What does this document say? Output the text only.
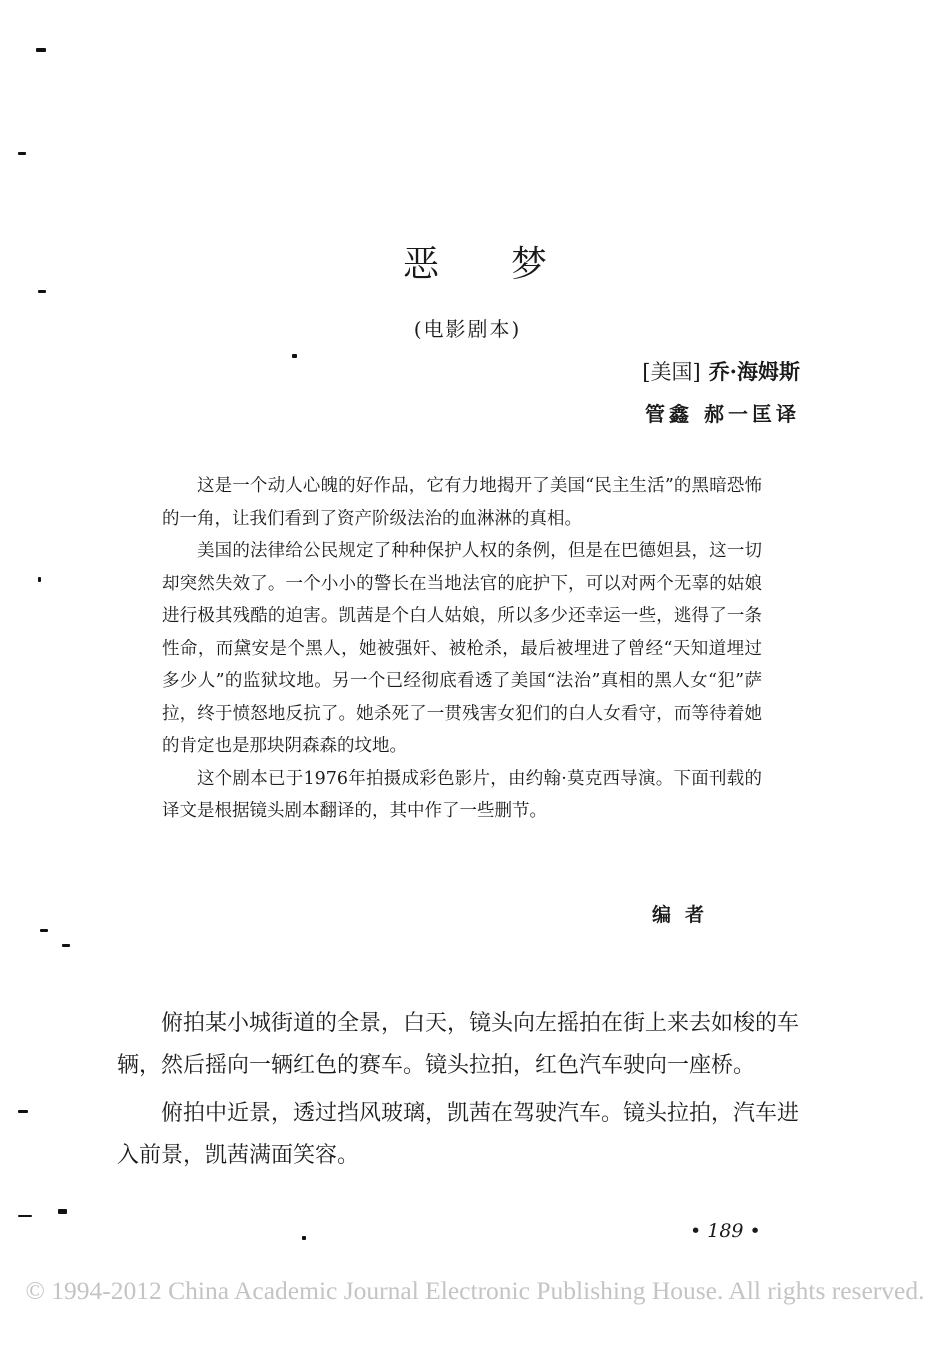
恶梦
(电影剧本)
[美国] 乔·海姆斯
管鑫 郝一匡译

这是一个动人心魄的好作品，它有力地揭开了美国“民主生活”的黑暗恐怖的一角，让我们看到了资产阶级法治的血淋淋的真相。

美国的法律给公民规定了种种保护人权的条例，但是在巴德妲县，这一切却突然失效了。一个小小的警长在当地法官的庇护下，可以对两个无辜的姑娘进行极其残酷的迫害。凯茜是个白人姑娘，所以多少还幸运一些，逃得了一条性命，而黛安是个黑人，她被强奸、被枪杀，最后被埋进了曾经“天知道埋过多少人”的监狱坟地。另一个已经彻底看透了美国“法治”真相的黑人女“犯”萨拉，终于愤怒地反抗了。她杀死了一贯残害女犯们的白人女看守，而等待着她的肯定也是那块阴森森的坟地。

这个剧本已于1976年拍摄成彩色影片，由约翰·莫克西导演。下面刊载的译文是根据镜头剧本翻译的，其中作了一些删节。

编者

俯拍某小城街道的全景，白天，镜头向左摇拍在街上来去如梭的车辆，然后摇向一辆红色的赛车。镜头拉拍，红色汽车驶向一座桥。

俯拍中近景，透过挡风玻璃，凯茜在驾驶汽车。镜头拉拍，汽车进入前景，凯茜满面笑容。

• 189 •
© 1994-2012 China Academic Journal Electronic Publishing House. All rights reserved.
